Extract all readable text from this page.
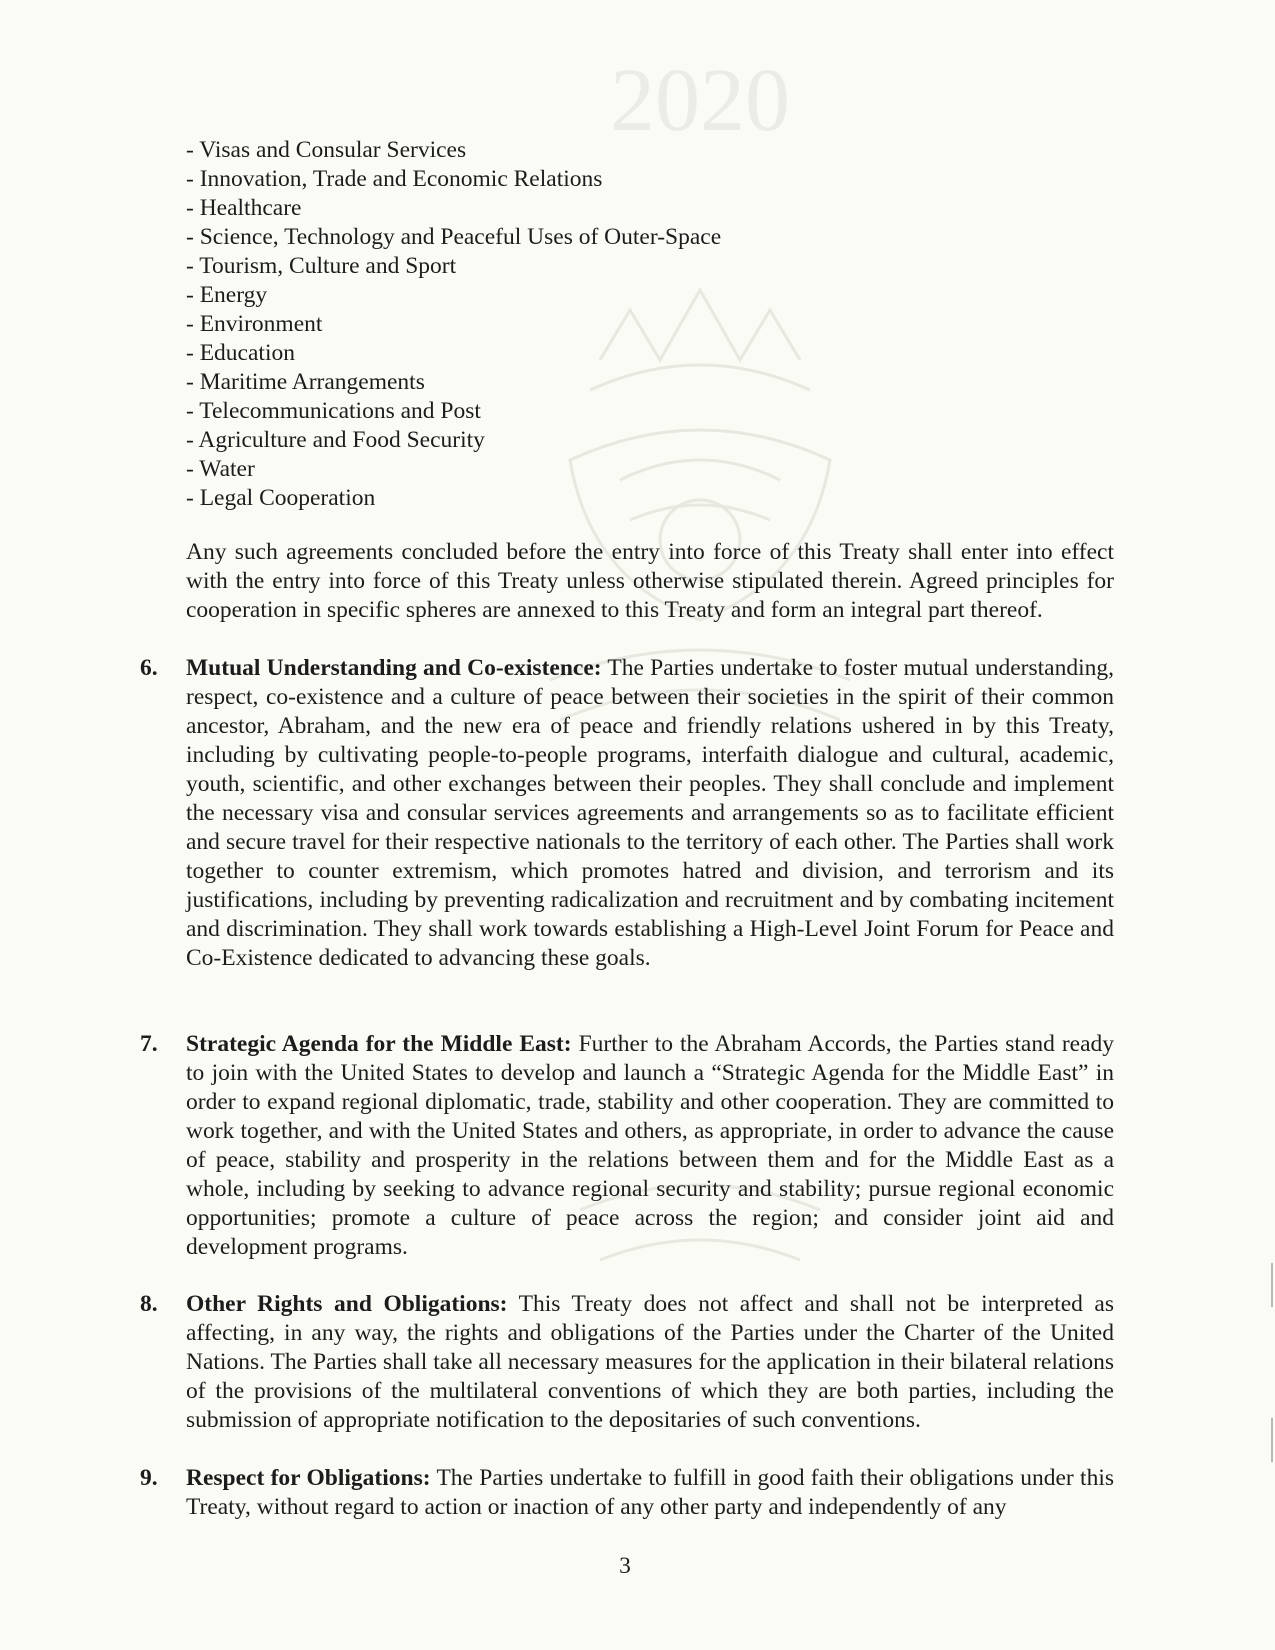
2020
- Visas and Consular Services
- Innovation, Trade and Economic Relations
- Healthcare
- Science, Technology and Peaceful Uses of Outer-Space
- Tourism, Culture and Sport
- Energy
- Environment
- Education
- Maritime Arrangements
- Telecommunications and Post
- Agriculture and Food Security
- Water
- Legal Cooperation

Any such agreements concluded before the entry into force of this Treaty shall enter into effect with the entry into force of this Treaty unless otherwise stipulated therein. Agreed principles for cooperation in specific spheres are annexed to this Treaty and form an integral part thereof.

6. Mutual Understanding and Co-existence: The Parties undertake to foster mutual understanding, respect, co-existence and a culture of peace between their societies in the spirit of their common ancestor, Abraham, and the new era of peace and friendly relations ushered in by this Treaty, including by cultivating people-to-people programs, interfaith dialogue and cultural, academic, youth, scientific, and other exchanges between their peoples. They shall conclude and implement the necessary visa and consular services agreements and arrangements so as to facilitate efficient and secure travel for their respective nationals to the territory of each other. The Parties shall work together to counter extremism, which promotes hatred and division, and terrorism and its justifications, including by preventing radicalization and recruitment and by combating incitement and discrimination. They shall work towards establishing a High-Level Joint Forum for Peace and Co-Existence dedicated to advancing these goals.
7. Strategic Agenda for the Middle East: Further to the Abraham Accords, the Parties stand ready to join with the United States to develop and launch a “Strategic Agenda for the Middle East” in order to expand regional diplomatic, trade, stability and other cooperation. They are committed to work together, and with the United States and others, as appropriate, in order to advance the cause of peace, stability and prosperity in the relations between them and for the Middle East as a whole, including by seeking to advance regional security and stability; pursue regional economic opportunities; promote a culture of peace across the region; and consider joint aid and development programs.
8. Other Rights and Obligations: This Treaty does not affect and shall not be interpreted as affecting, in any way, the rights and obligations of the Parties under the Charter of the United Nations. The Parties shall take all necessary measures for the application in their bilateral relations of the provisions of the multilateral conventions of which they are both parties, including the submission of appropriate notification to the depositaries of such conventions.
9. Respect for Obligations: The Parties undertake to fulfill in good faith their obligations under this Treaty, without regard to action or inaction of any other party and independently of any
3
